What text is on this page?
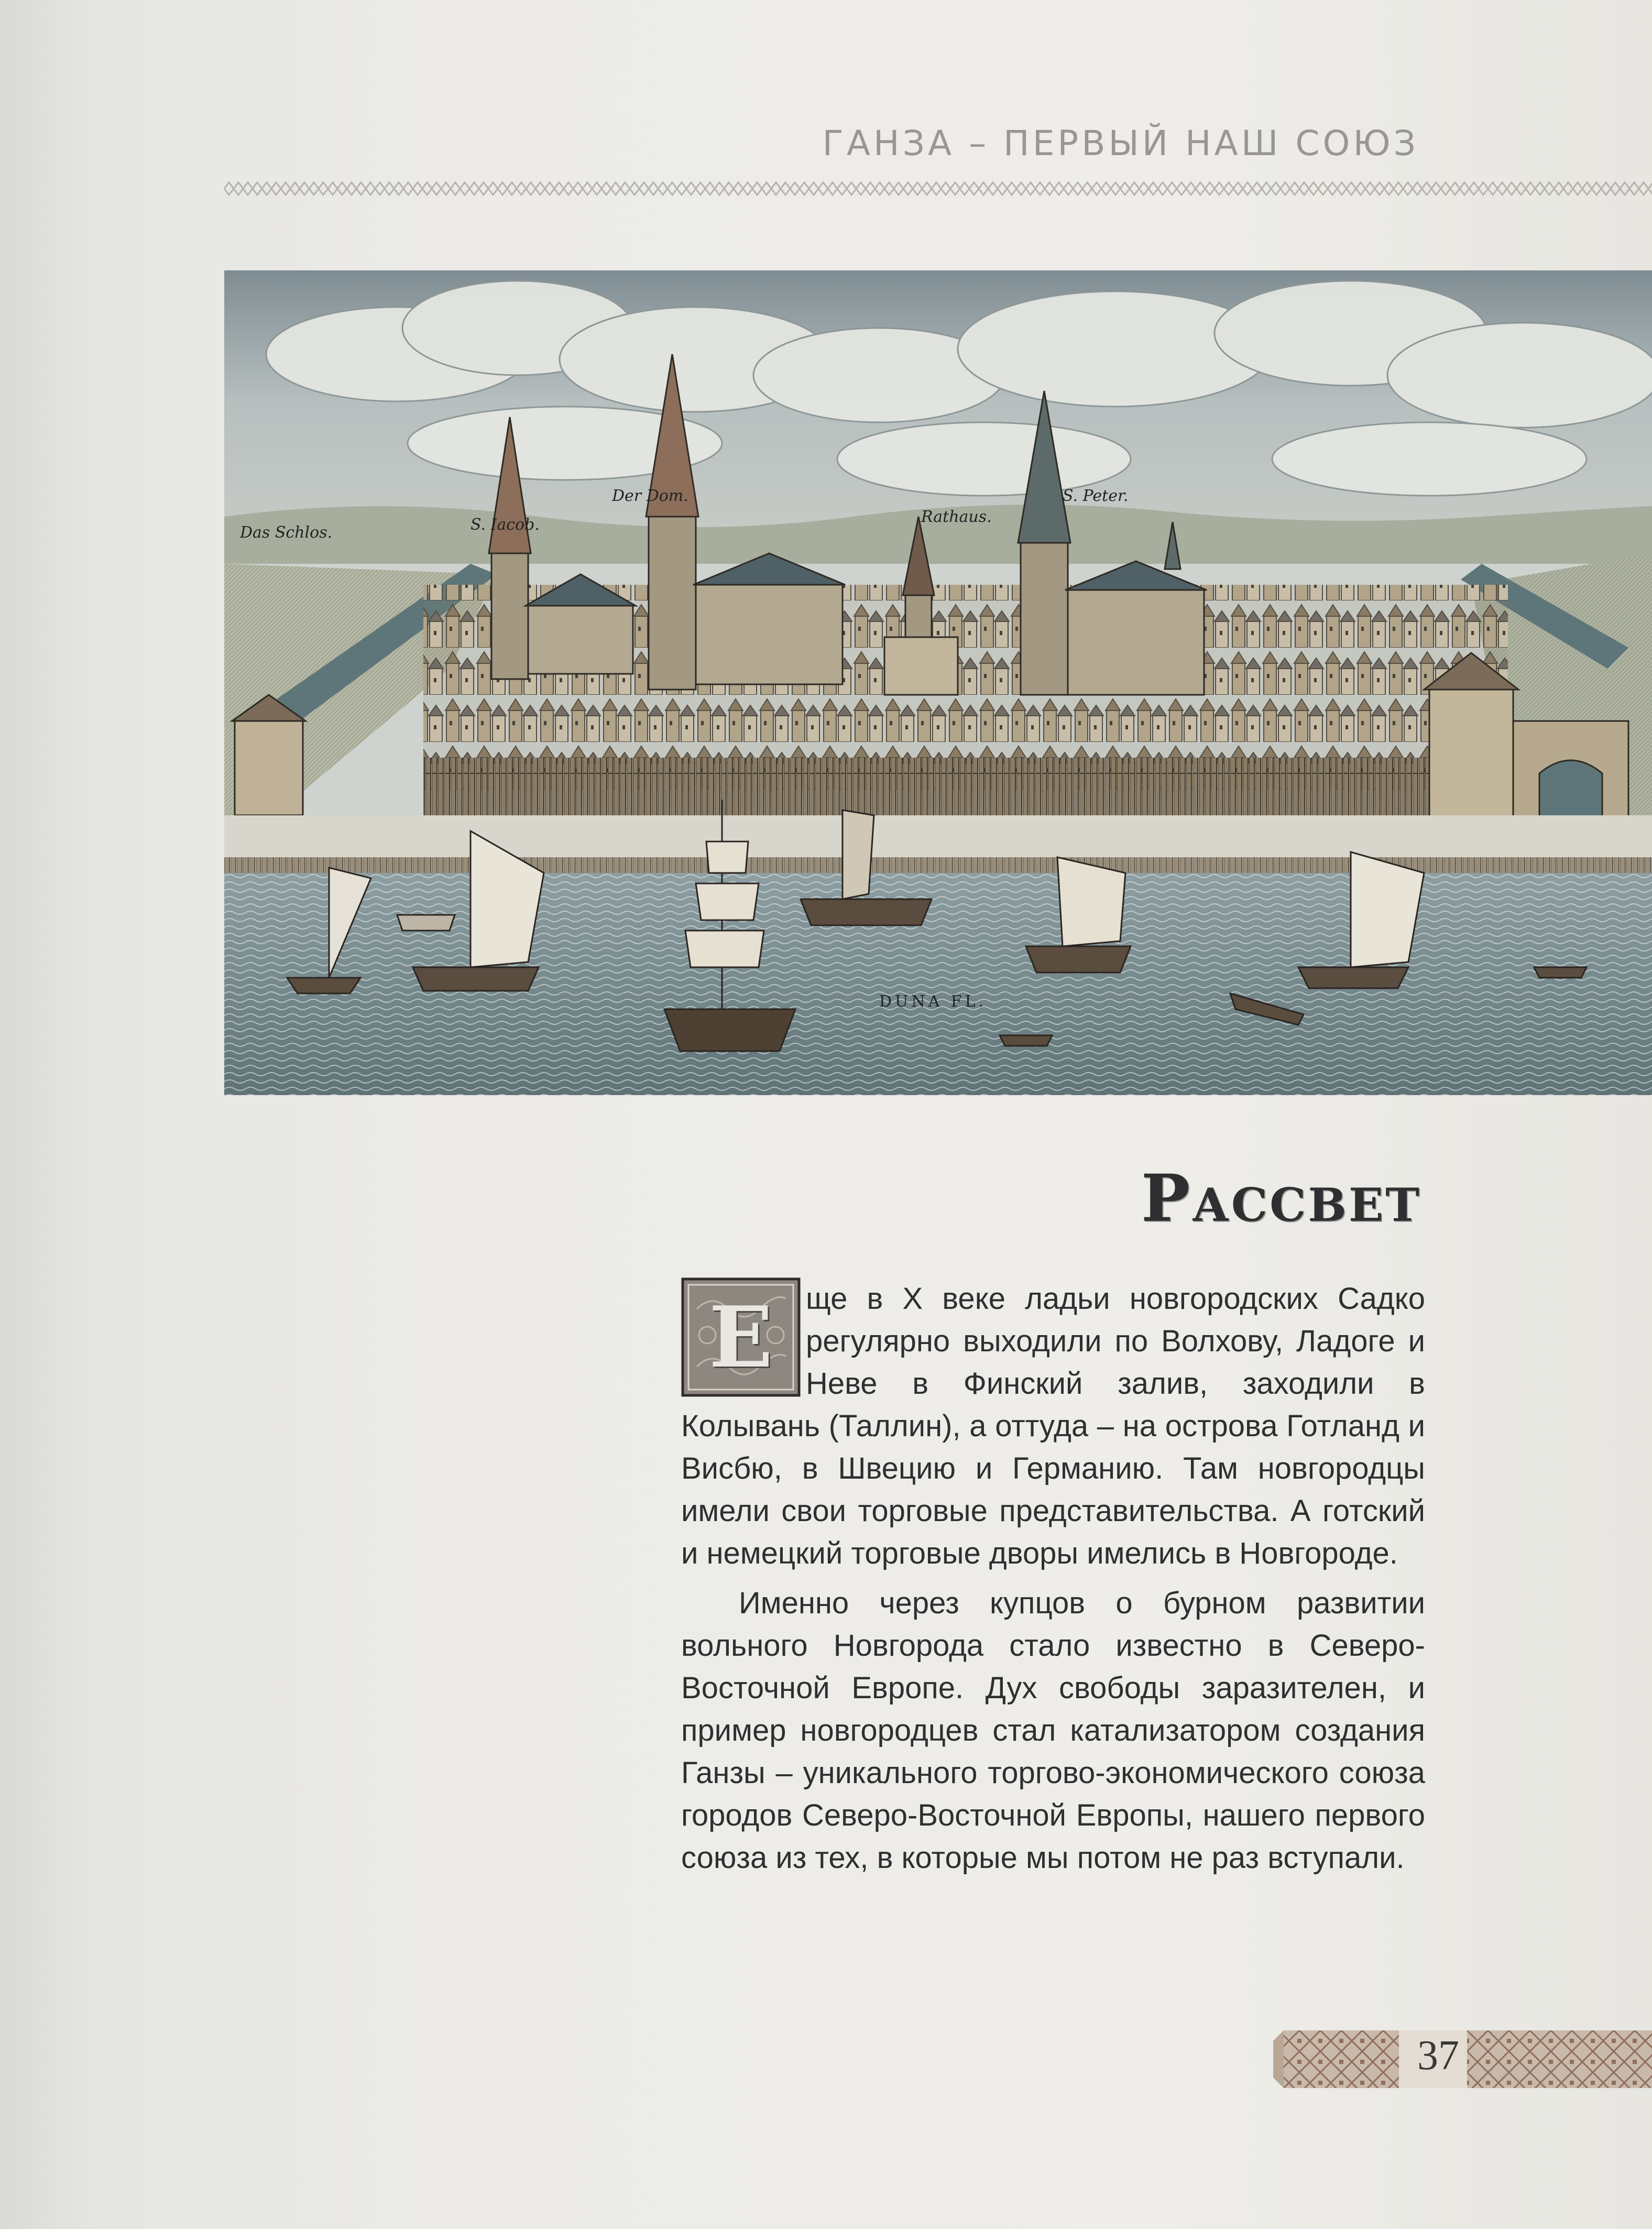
ГАНЗА – ПЕРВЫЙ НАШ СОЮЗ
Das Schlos.	S. Iacob.
Der Dom.
Rathaus.
S. Peter.
DUNA FL.
Рассвет

Е	ще в X веке ладьи новгородских Садко регулярно выходили по Волхову, Ладоге и Неве в Финский залив, заходили в Колывань (Таллин), а оттуда – на острова Готланд и Висбю, в Швецию и Германию. Там новгородцы имели свои торговые представительства. А готский и немецкий торговые дворы имелись в Новгороде.

Именно через купцов о бурном развитии вольного Новгорода стало известно в Северо-Восточной Европе. Дух свободы заразителен, и пример новгородцев стал катализатором создания Ганзы – уникального торгово-экономического союза городов Северо-Восточной Европы, нашего первого союза из тех, в которые мы потом не раз вступали.

37
